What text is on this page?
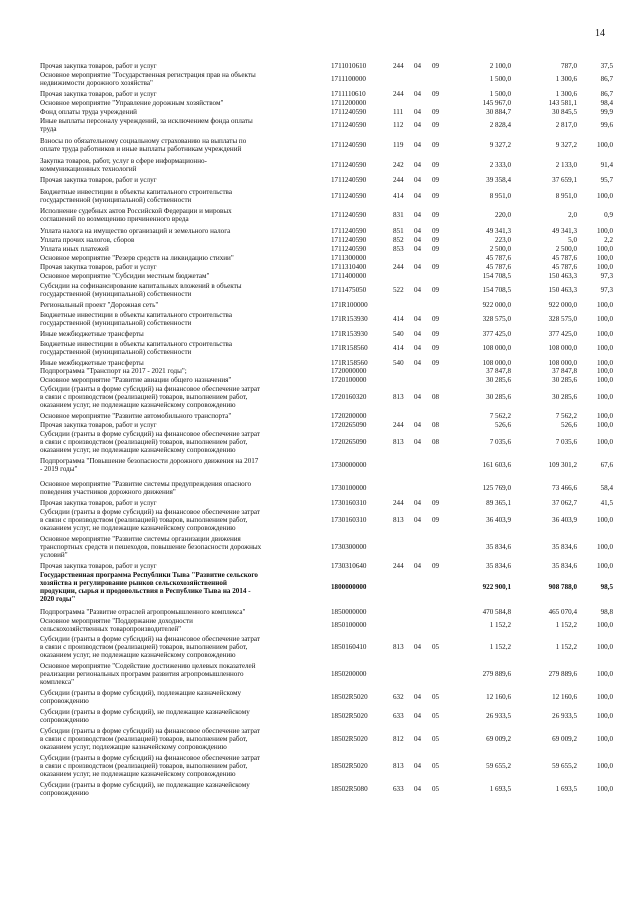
14
Прочая закупка товаров, работ и услуг	1711010610	244 04 09	2 100,0	787,0	37,5
Основное мероприятие "Государственная регистрация прав на объекты
недвижимости дорожного хозяйства"	1711100000	1 500,0	1 300,6	86,7
Прочая закупка товаров, работ и услуг	1711110610	244 04 09	1 500,0	1 300,6	86,7
Основное мероприятие "Управление дорожным хозяйством"	1711200000	145 967,0	143 581,1	98,4
Фонд оплаты труда учреждений	1711240590	111 04 09	30 884,7	30 845,5	99,9
Иные выплаты персоналу учреждений, за исключением фонда оплаты
труда	1711240590	112 04 09	2 828,4	2 817,0	99,6
Взносы по обязательному социальному страхованию на выплаты по
оплате труда работников и иные выплаты работникам учреждений	1711240590	119 04 09	9 327,2	9 327,2	100,0
Закупка товаров, работ, услуг в сфере информационно-
коммуникационных технологий	1711240590	242 04 09	2 333,0	2 133,0	91,4
Прочая закупка товаров, работ и услуг	1711240590	244 04 09	39 358,4	37 659,1	95,7
Бюджетные инвестиции в объекты капитального строительства
государственной (муниципальной) собственности	1711240590	414 04 09	8 951,0	8 951,0	100,0
Исполнение судебных актов Российской Федерации и мировых
соглашений по возмещению причиненного вреда	1711240590	831 04 09	220,0	2,0	0,9
Уплата налога на имущество организаций и земельного налога	1711240590	851 04 09	49 341,3	49 341,3	100,0
Уплата прочих налогов, сборов	1711240590	852 04 09	223,0	5,0	2,2
Уплата иных платежей	1711240590	853 04 09	2 500,0	2 500,0	100,0
Основное мероприятие "Резерв средств на ликвидацию стихии"	1711300000	45 787,6	45 787,6	100,0
Прочая закупка товаров, работ и услуг	1711310400	244 04 09	45 787,6	45 787,6	100,0
Основное мероприятие "Субсидии местным бюджетам"	1711400000	154 708,5	150 463,3	97,3
Субсидии на софинансирование капитальных вложений в объекты
государственной (муниципальной) собственности	1711475050	522 04 09	154 708,5	150 463,3	97,3
Региональный проект "Дорожная сеть"	171R100000	922 000,0	922 000,0	100,0
Бюджетные инвестиции в объекты капитального строительства
государственной (муниципальной) собственности	171R153930	414 04 09	328 575,0	328 575,0	100,0
Иные межбюджетные трансферты	171R153930	540 04 09	377 425,0	377 425,0	100,0
Бюджетные инвестиции в объекты капитального строительства
государственной (муниципальной) собственности	171R158560	414 04 09	108 000,0	108 000,0	100,0
Иные межбюджетные трансферты	171R158560	540 04 09	108 000,0	108 000,0	100,0
Подпрограмма "Транспорт на 2017 - 2021 годы";	1720000000	37 847,8	37 847,8	100,0
Основное мероприятие "Развитие авиации общего назначения"	1720100000	30 285,6	30 285,6	100,0
Субсидии (гранты в форме субсидий) на финансовое обеспечение затрат
в связи с производством (реализацией) товаров, выполнением работ,
оказанием услуг, не подлежащие казначейскому сопровождению
1720160320	813 04 08	30 285,6	30 285,6	100,0
Основное мероприятие "Развитие автомобильного транспорта"	1720200000	7 562,2	7 562,2	100,0
Прочая закупка товаров, работ и услуг	1720265090	244 04 08	526,6	526,6	100,0
Субсидии (гранты в форме субсидий) на финансовое обеспечение затрат
в связи с производством (реализацией) товаров, выполнением работ,
оказанием услуг, не подлежащие казначейскому сопровождению
1720265090	813 04 08	7 035,6	7 035,6	100,0
Подпрограмма "Повышение безопасности дорожного движения на 2017
- 2019 годы"	1730000000	161 603,6	109 301,2	67,6
Основное мероприятие "Развитие системы предупреждения опасного
поведения участников дорожного движения"	1730100000	125 769,0	73 466,6	58,4
Прочая закупка товаров, работ и услуг	1730160310	244 04 09	89 365,1	37 062,7	41,5
Субсидии (гранты в форме субсидий) на финансовое обеспечение затрат
в связи с производством (реализацией) товаров, выполнением работ,
оказанием услуг, не подлежащие казначейскому сопровождению
1730160310	813 04 09	36 403,9	36 403,9	100,0
Основное мероприятие "Развитие системы организации движения
транспортных средств и пешеходов, повышение безопасности дорожных
условий"
1730300000	35 834,6	35 834,6	100,0
Прочая закупка товаров, работ и услуг	1730310640	244 04 09	35 834,6	35 834,6	100,0
Государственная программа Республики Тыва "Развитие сельского
хозяйства и регулирование рынков сельскохозяйственной
продукции, сырья и продовольствия в Республике Тыва на 2014 -
2020 годы"
1800000000	922 900,1	908 788,0	98,5
Подпрограмма "Развитие отраслей агропромышленного комплекса"	1850000000	470 584,8	465 070,4	98,8
Основное мероприятие "Поддержание доходности
сельскохозяйственных товаропроизводителей"	1850100000	1 152,2	1 152,2	100,0
Субсидии (гранты в форме субсидий) на финансовое обеспечение затрат
в связи с производством (реализацией) товаров, выполнением работ,
оказанием услуг, не подлежащие казначейскому сопровождению
1850160410	813 04 05	1 152,2	1 152,2	100,0
Основное мероприятие "Содействие достижению целевых показателей
реализации региональных программ развития агропромышленного
комплекса"
1850200000	279 889,6	279 889,6	100,0
Субсидии (гранты в форме субсидий), подлежащие казначейскому
сопровождению	18502R5020	632 04 05	12 160,6	12 160,6	100,0
Субсидии (гранты в форме субсидий), не подлежащие казначейскому
сопровождению	18502R5020	633 04 05	26 933,5	26 933,5	100,0
Субсидии (гранты в форме субсидий) на финансовое обеспечение затрат
в связи с производством (реализацией) товаров, выполнением работ,
оказанием услуг, подлежащие казначейскому сопровождению
18502R5020	812 04 05	69 009,2	69 009,2	100,0
Субсидии (гранты в форме субсидий) на финансовое обеспечение затрат
в связи с производством (реализацией) товаров, выполнением работ,
оказанием услуг, не подлежащие казначейскому сопровождению
18502R5020	813 04 05	59 655,2	59 655,2	100,0
Субсидии (гранты в форме субсидий), не подлежащие казначейскому
сопровождению	18502R5080	633 04 05	1 693,5	1 693,5	100,0
